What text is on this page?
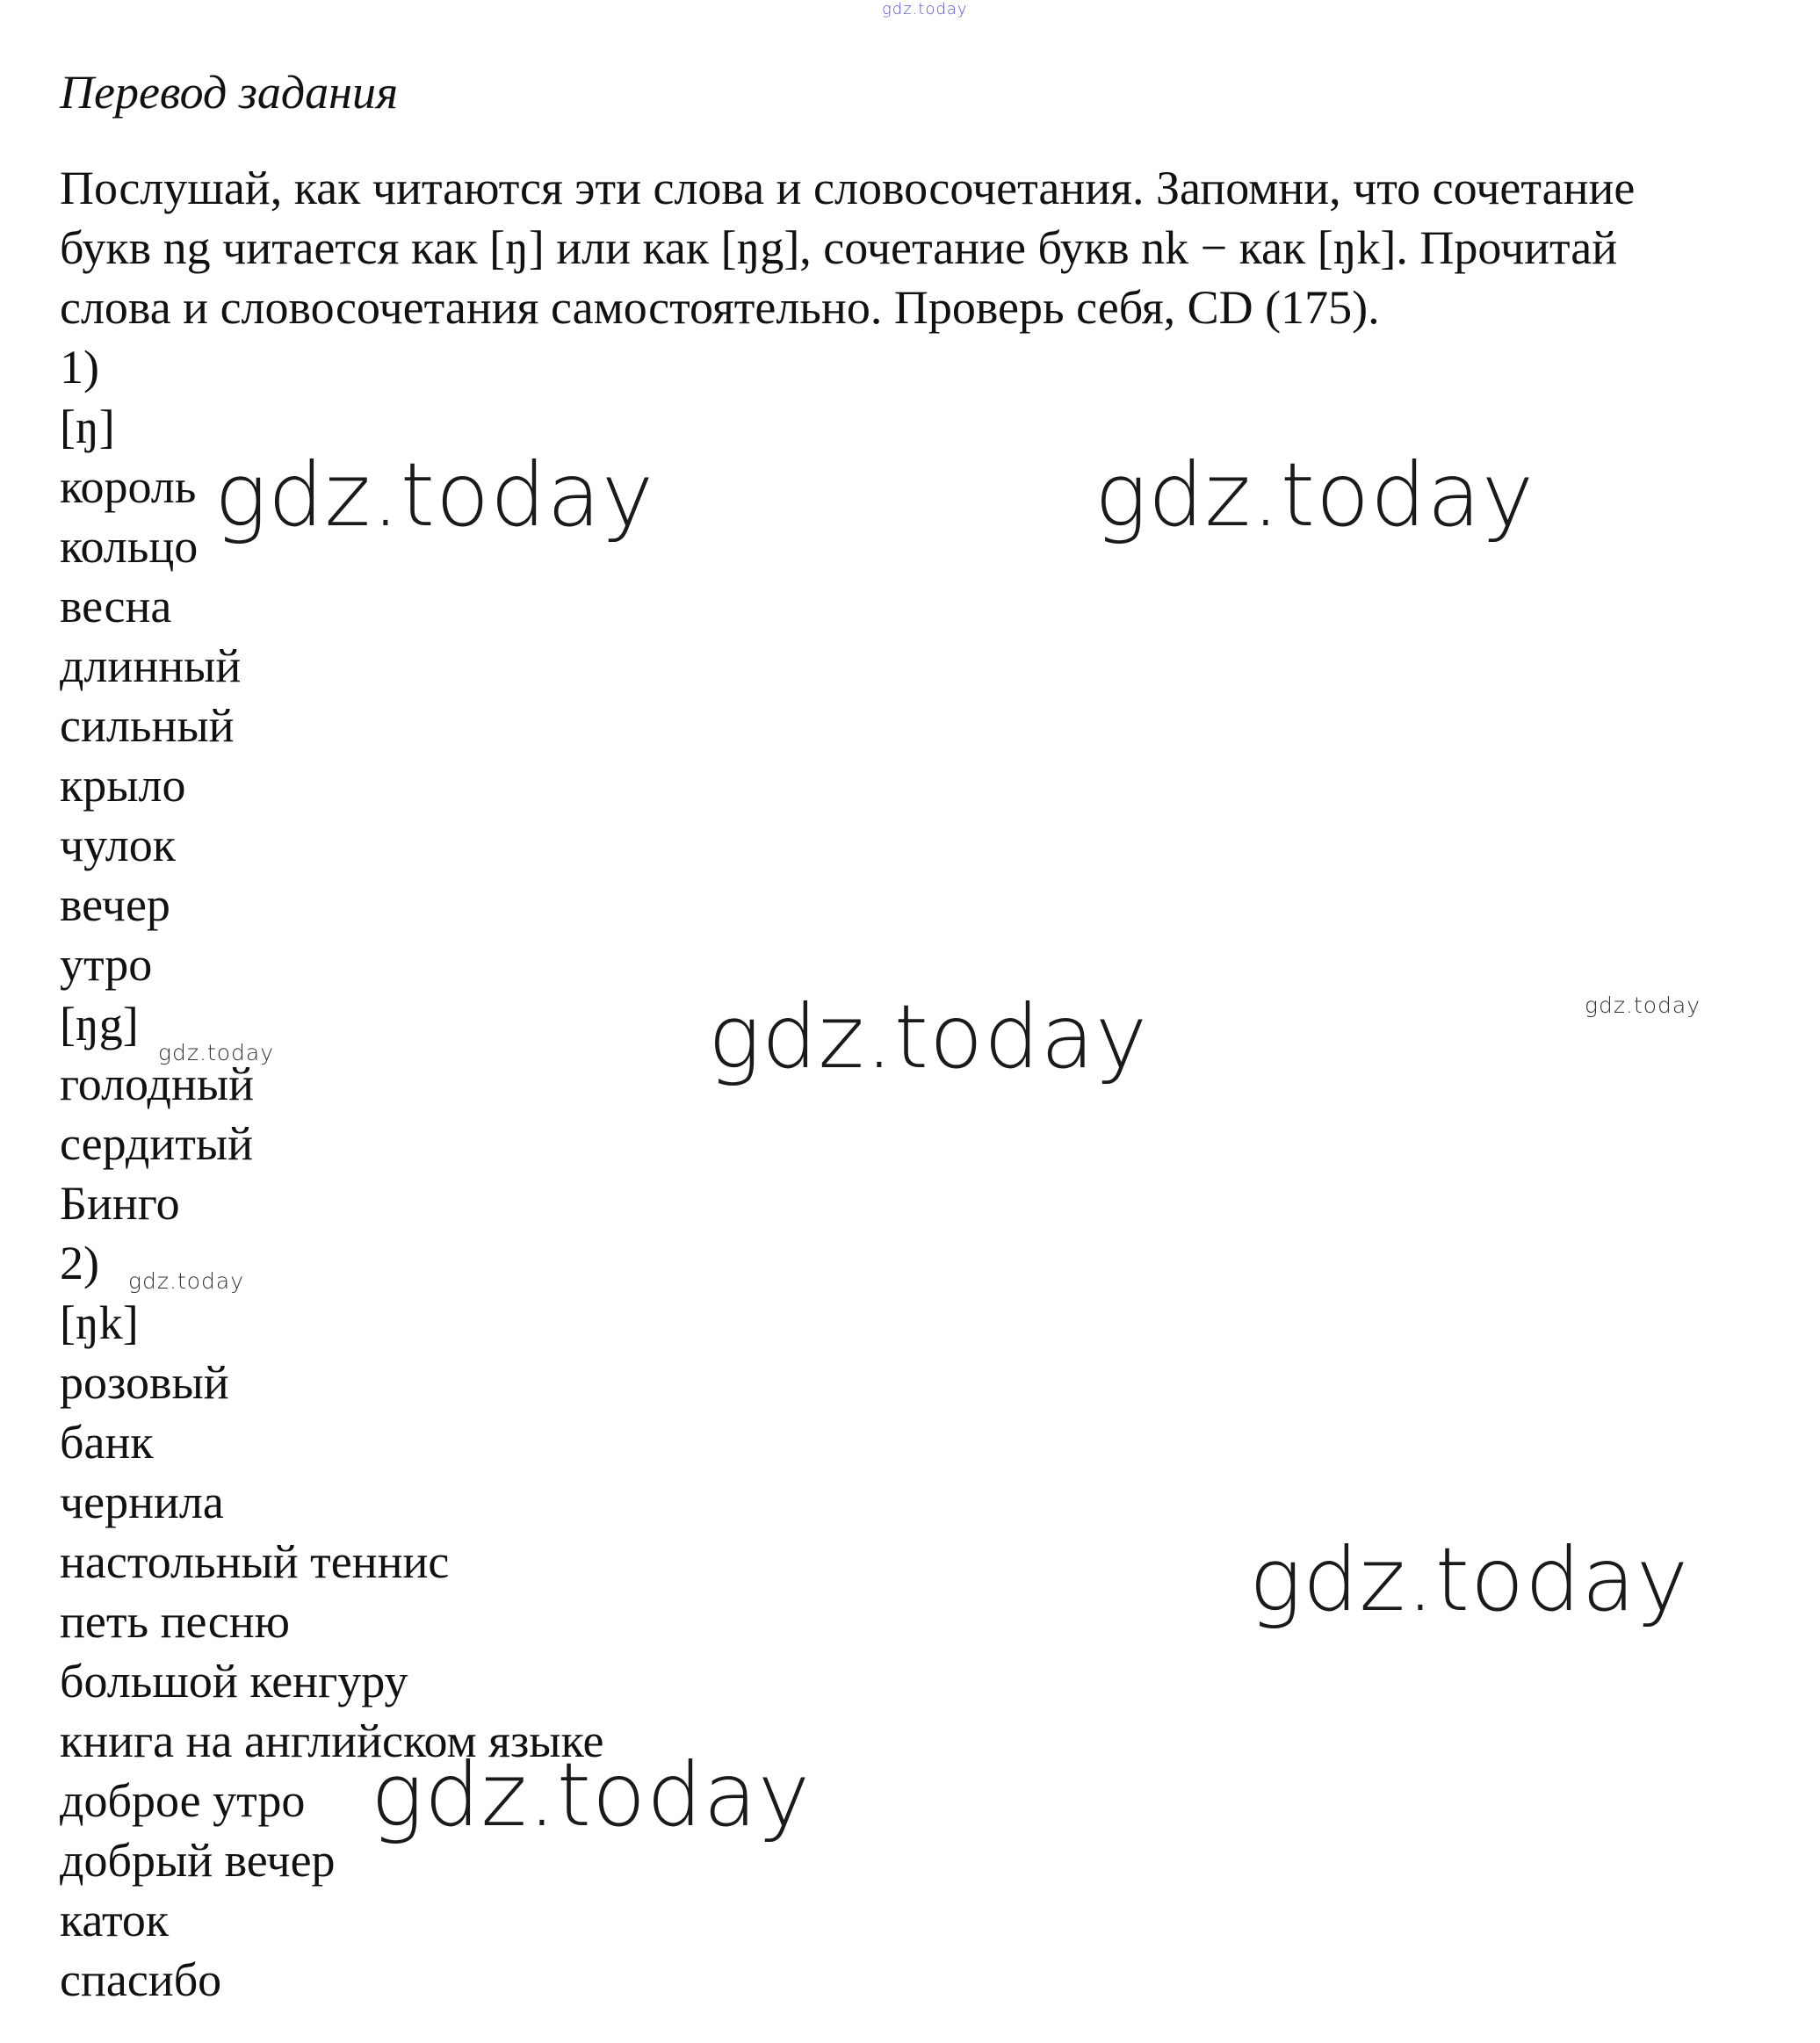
gdz.today
Перевод задания
Послушай, как читаются эти слова и словосочетания. Запомни, что сочетание
букв ng читается как [ŋ] или как [ŋg], сочетание букв nk − как [ŋk]. Прочитай
слова и словосочетания самостоятельно. Проверь себя, CD (175).
1)
[ŋ]
король
кольцо
весна
длинный
сильный
крыло
чулок
вечер
утро
[ŋg]
голодный
сердитый
Бинго
2)
[ŋk]
розовый
банк
чернила
настольный теннис
петь песню
большой кенгуру
книга на английском языке
доброе утро
добрый вечер
каток
спасибо
gdz.today	gdz.today
gdz.today	gdz.today
gdz.today
gdz.today
gdz.today
gdz.today
